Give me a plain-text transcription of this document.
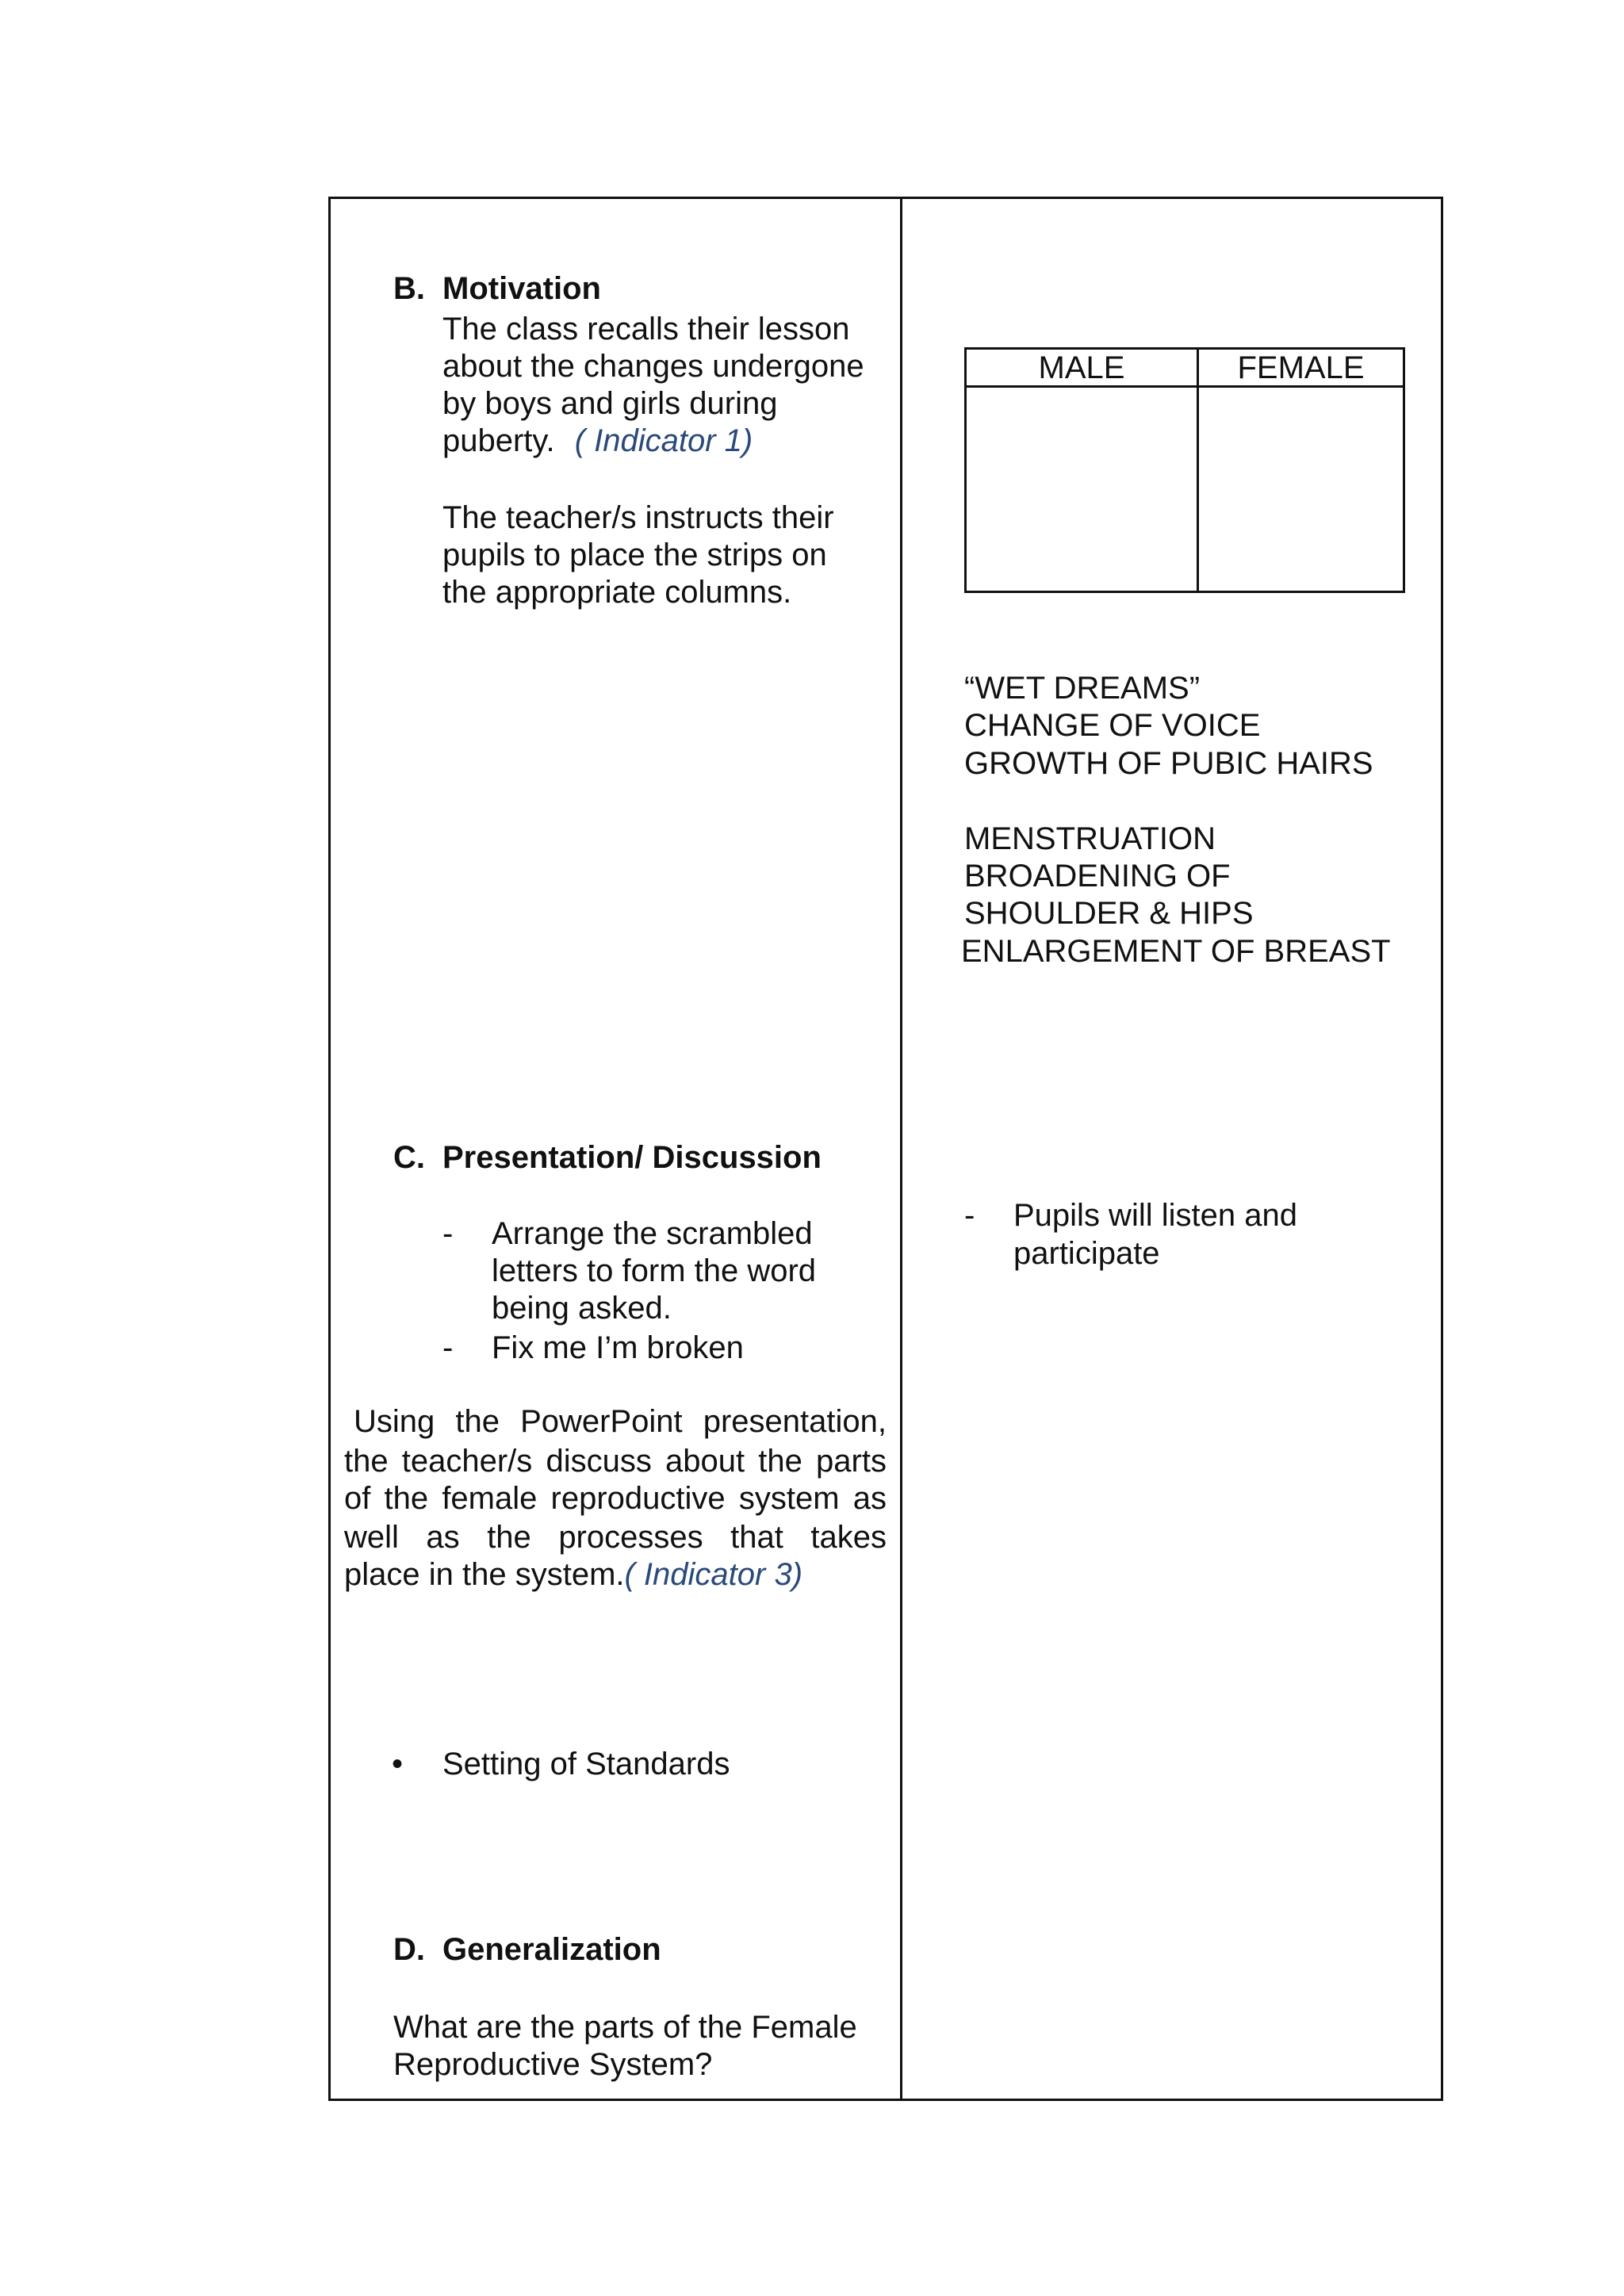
B. Motivation
The class recalls their lesson
about the changes undergone
by boys and girls during
puberty. ( Indicator 1)
The teacher/s instructs their
pupils to place the strips on
the appropriate columns.
C. Presentation/ Discussion
- Arrange the scrambled
letters to form the word
being asked.
- Fix me I’m broken
Using the PowerPoint presentation,
the teacher/s discuss about the parts
of the female reproductive system as
well as the processes that takes
place in the system.( Indicator 3)
• Setting of Standards
D. Generalization
What are the parts of the Female
Reproductive System?
MALE	FEMALE
“WET DREAMS”
CHANGE OF VOICE
GROWTH OF PUBIC HAIRS
MENSTRUATION
BROADENING OF
SHOULDER & HIPS
ENLARGEMENT OF BREAST
- Pupils will listen and
participate
